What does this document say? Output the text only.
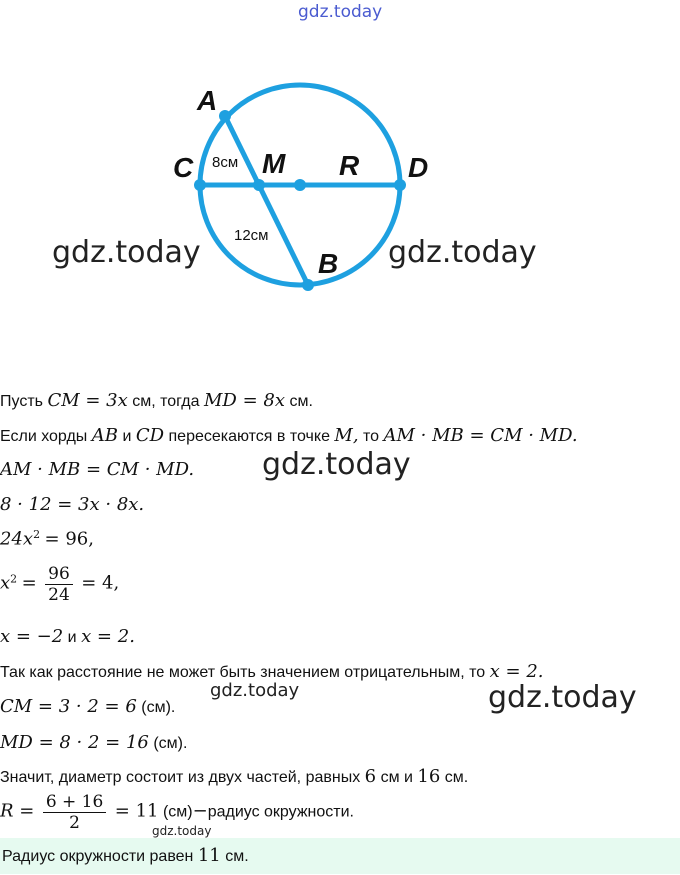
gdz.today
A
C M R D
B
8см
12см
gdz.today	gdz.today
Пусть CM = 3x см, тогда MD = 8x см.
Если хорды AB и CD пересекаются в точке M, то AM · MB = CM · MD.
AM · MB = CM · MD. gdz.today
8 · 12 = 3x · 8x.
$24x^2 = 96$,
$x^2 = \frac{96}{24} = 4$,
x = −2 и x = 2.
Так как расстояние не может быть значением отрицательным, то x = 2.
CM = 3 · 2 = 6 (см).
gdz.today	gdz.today
MD = 8 · 2 = 16 (см).
Значит, диаметр состоит из двух частей, равных 6 см и 16 см.
$R = \frac{6 + 16}{2} = 11$ (см)−радиус окружности.
gdz.today
Радиус окружности равен 11 см.
